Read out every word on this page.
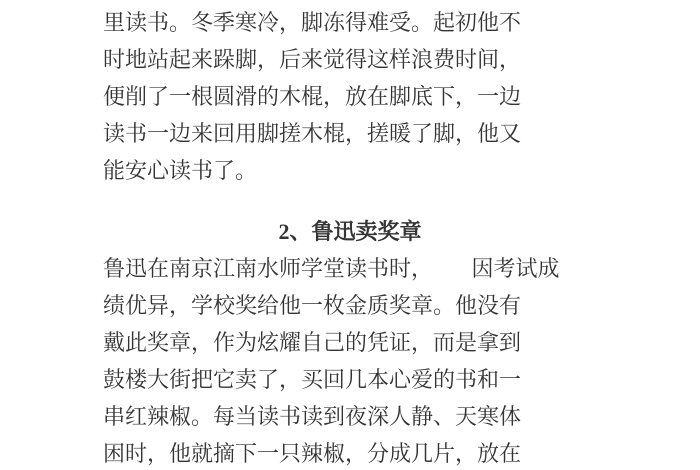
里读书。冬季寒冷，脚冻得难受。起初他不
时地站起来跺脚，后来觉得这样浪费时间，
便削了一根圆滑的木棍，放在脚底下，一边
读书一边来回用脚搓木棍，搓暖了脚，他又
能安心读书了。
2、鲁迅卖奖章
鲁迅在南京江南水师学堂读书时，　　 因考试成
绩优异，学校奖给他一枚金质奖章。他没有
戴此奖章，作为炫耀自己的凭证，而是拿到
鼓楼大街把它卖了，买回几本心爱的书和一
串红辣椒。每当读书读到夜深人静、天寒体
困时，他就摘下一只辣椒，分成几片，放在
